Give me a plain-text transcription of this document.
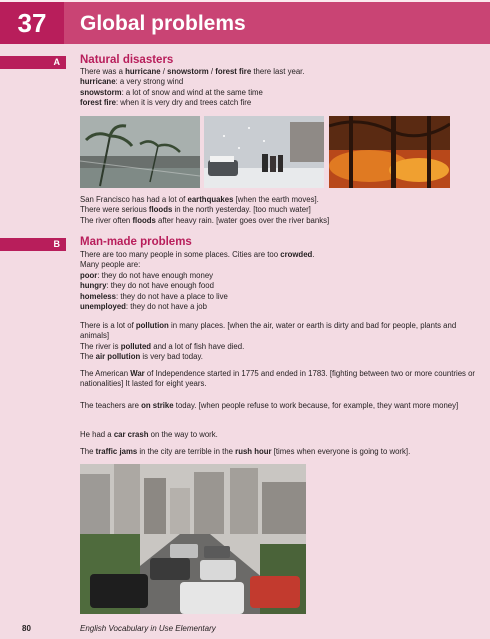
37	Global problems
A	Natural disasters

There was a hurricane / snowstorm / forest fire there last year.

hurricane: a very strong wind

snowstorm: a lot of snow and wind at the same time

forest fire: when it is very dry and trees catch fire

San Francisco has had a lot of earthquakes [when the earth moves].

There were serious floods in the north yesterday. [too much water]

The river often floods after heavy rain. [water goes over the river banks]

B	Man-made problems

There are too many people in some places. Cities are too crowded.

Many people are:

poor: they do not have enough money

hungry: they do not have enough food

homeless: they do not have a place to live

unemployed: they do not have a job

There is a lot of pollution in many places. [when the air, water or earth is dirty and bad for people, plants and animals]

The river is polluted and a lot of fish have died.

The air pollution is very bad today.

The American War of Independence started in 1775 and ended in 1783. [fighting between two or more countries or nationalities] It lasted for eight years.

The teachers are on strike today. [when people refuse to work because, for example, they want more money]

He had a car crash on the way to work.

The traffic jams in the city are terrible in the rush hour [times when everyone is going to work].

80	English Vocabulary in Use Elementary
